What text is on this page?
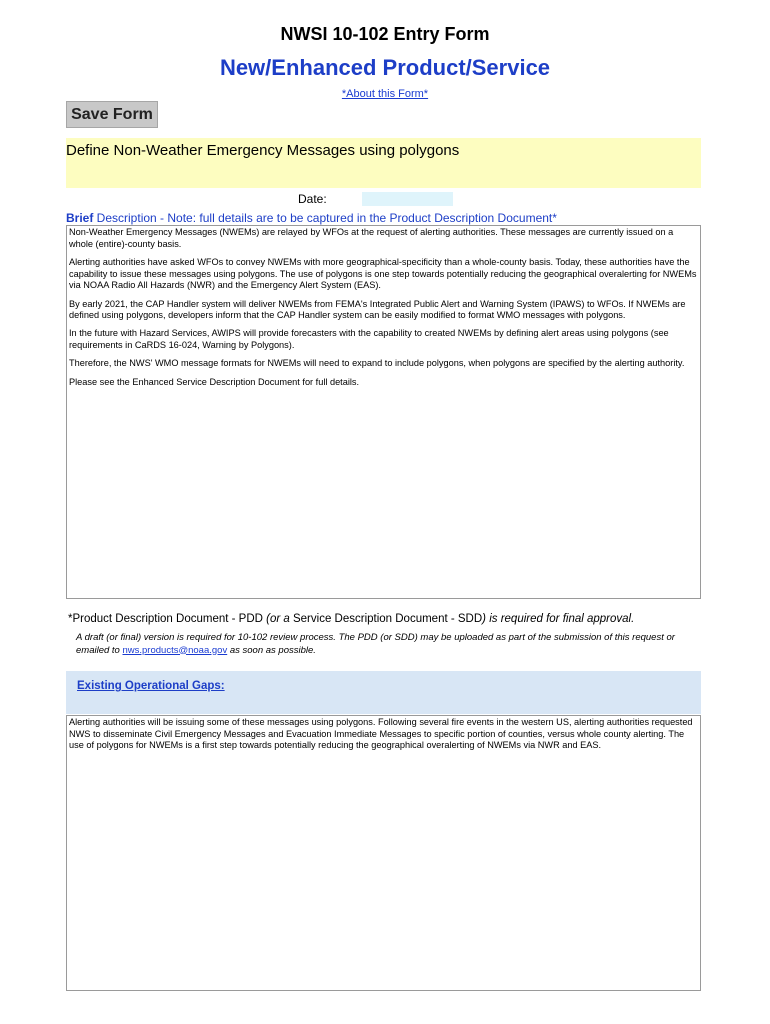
NWSI 10-102 Entry Form
New/Enhanced Product/Service
*About this Form*
Save Form
Define Non-Weather Emergency Messages using polygons
Date:
Brief Description - Note: full details are to be captured in the Product Description Document*

Non-Weather Emergency Messages (NWEMs) are relayed by WFOs at the request of alerting authorities. These messages are currently issued on a whole (entire)-county basis.

Alerting authorities have asked WFOs to convey NWEMs with more geographical-specificity than a whole-county basis. Today, these authorities have the capability to issue these messages using polygons. The use of polygons is one step towards potentially reducing the geographical overalerting for NWEMs via NOAA Radio All Hazards (NWR) and the Emergency Alert System (EAS).

By early 2021, the CAP Handler system will deliver NWEMs from FEMA's Integrated Public Alert and Warning System (IPAWS) to WFOs. If NWEMs are defined using polygons, developers inform that the CAP Handler system can be easily modified to format WMO messages with polygons.

In the future with Hazard Services, AWIPS will provide forecasters with the capability to created NWEMs by defining alert areas using polygons (see requirements in CaRDS 16-024, Warning by Polygons).

Therefore, the NWS' WMO message formats for NWEMs will need to expand to include polygons, when polygons are specified by the alerting authority.

Please see the Enhanced Service Description Document for full details.

*Product Description Document - PDD (or a Service Description Document - SDD) is required for final approval.
A draft (or final) version is required for 10-102 review process. The PDD (or SDD) may be uploaded as part of the submission of this request or emailed to nws.products@noaa.gov as soon as possible.
Existing Operational Gaps:
Alerting authorities will be issuing some of these messages using polygons. Following several fire events in the western US, alerting authorities requested NWS to disseminate Civil Emergency Messages and Evacuation Immediate Messages to specific portion of counties, versus whole county alerting. The use of polygons for NWEMs is a first step towards potentially reducing the geographical overalerting of NWEMs via NWR and EAS.
